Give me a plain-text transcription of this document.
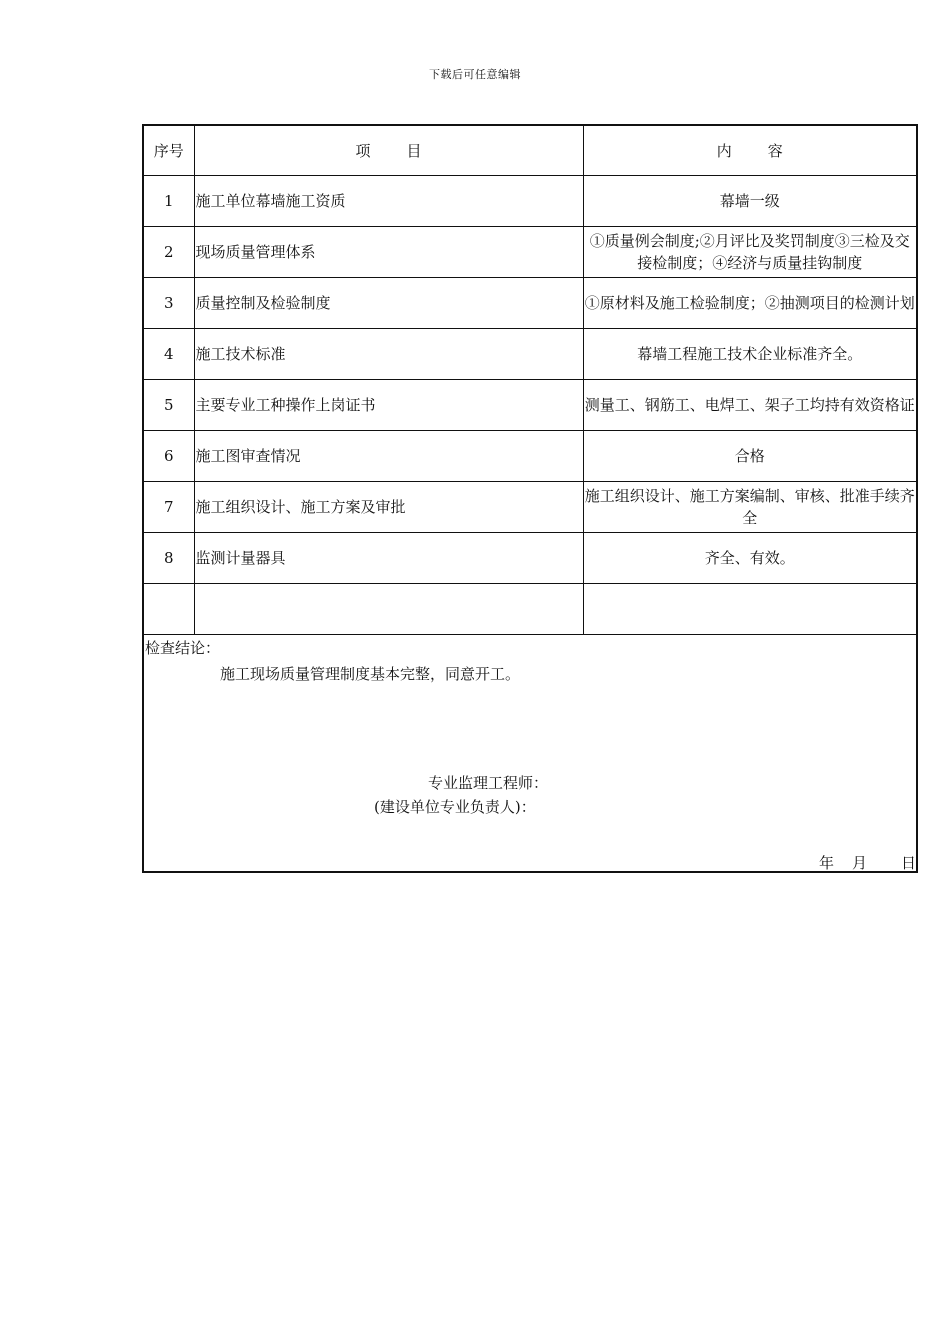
下载后可任意编辑
序号	项 目	内 容
1	施工单位幕墙施工资质	幕墙一级
2	现场质量管理体系	①质量例会制度;②月评比及奖罚制度③三检及交接检制度；④经济与质量挂钩制度
3	质量控制及检验制度	①原材料及施工检验制度；②抽测项目的检测计划
4	施工技术标准	幕墙工程施工技术企业标准齐全。
5	主要专业工种操作上岗证书	测量工、钢筋工、电焊工、架子工均持有效资格证
6	施工图审查情况	合格
7	施工组织设计、施工方案及审批	施工组织设计、施工方案编制、审核、批准手续齐全
8	监测计量器具	齐全、有效。

检查结论：
施工现场质量管理制度基本完整，同意开工。
专业监理工程师：
(建设单位专业负责人)：
年 月 日
